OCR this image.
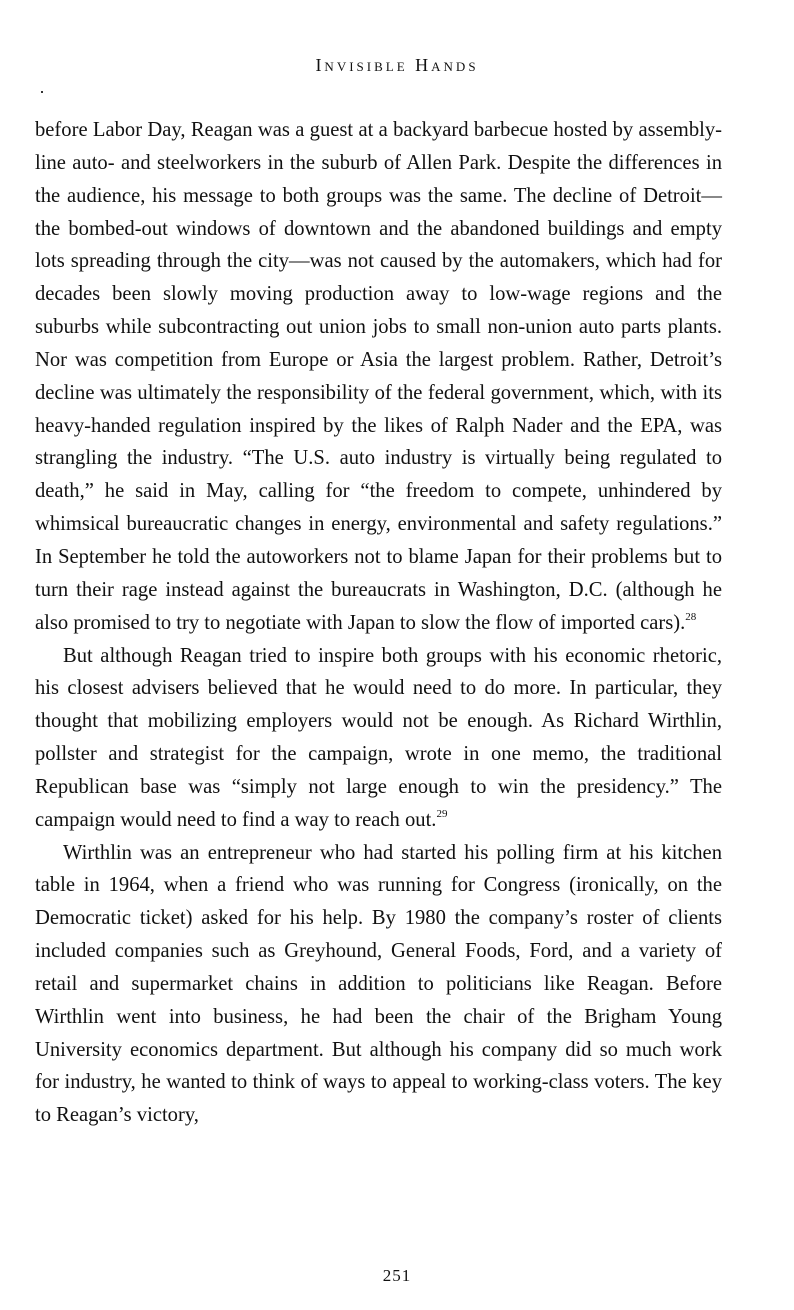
Invisible Hands

before Labor Day, Reagan was a guest at a backyard barbecue hosted by assembly-line auto- and steelworkers in the suburb of Allen Park. Despite the differences in the audience, his message to both groups was the same. The decline of Detroit—the bombed-out windows of downtown and the abandoned buildings and empty lots spreading through the city—was not caused by the automakers, which had for decades been slowly moving production away to low-wage regions and the suburbs while subcontracting out union jobs to small non-union auto parts plants. Nor was competition from Europe or Asia the largest problem. Rather, Detroit’s decline was ultimately the responsibility of the federal government, which, with its heavy-handed regulation inspired by the likes of Ralph Nader and the EPA, was strangling the industry. “The U.S. auto industry is virtually being regulated to death,” he said in May, calling for “the freedom to compete, unhindered by whimsical bureaucratic changes in energy, environmental and safety regulations.” In September he told the autoworkers not to blame Japan for their problems but to turn their rage instead against the bureaucrats in Washington, D.C. (although he also promised to try to negotiate with Japan to slow the flow of imported cars).$^{28}$

But although Reagan tried to inspire both groups with his economic rhetoric, his closest advisers believed that he would need to do more. In particular, they thought that mobilizing employers would not be enough. As Richard Wirthlin, pollster and strategist for the campaign, wrote in one memo, the traditional Republican base was “simply not large enough to win the presidency.” The campaign would need to find a way to reach out.$^{29}$

Wirthlin was an entrepreneur who had started his polling firm at his kitchen table in 1964, when a friend who was running for Congress (ironically, on the Democratic ticket) asked for his help. By 1980 the company’s roster of clients included companies such as Greyhound, General Foods, Ford, and a variety of retail and supermarket chains in addition to politicians like Reagan. Before Wirthlin went into business, he had been the chair of the Brigham Young University economics department. But although his company did so much work for industry, he wanted to think of ways to appeal to working-class voters. The key to Reagan’s victory,

251
